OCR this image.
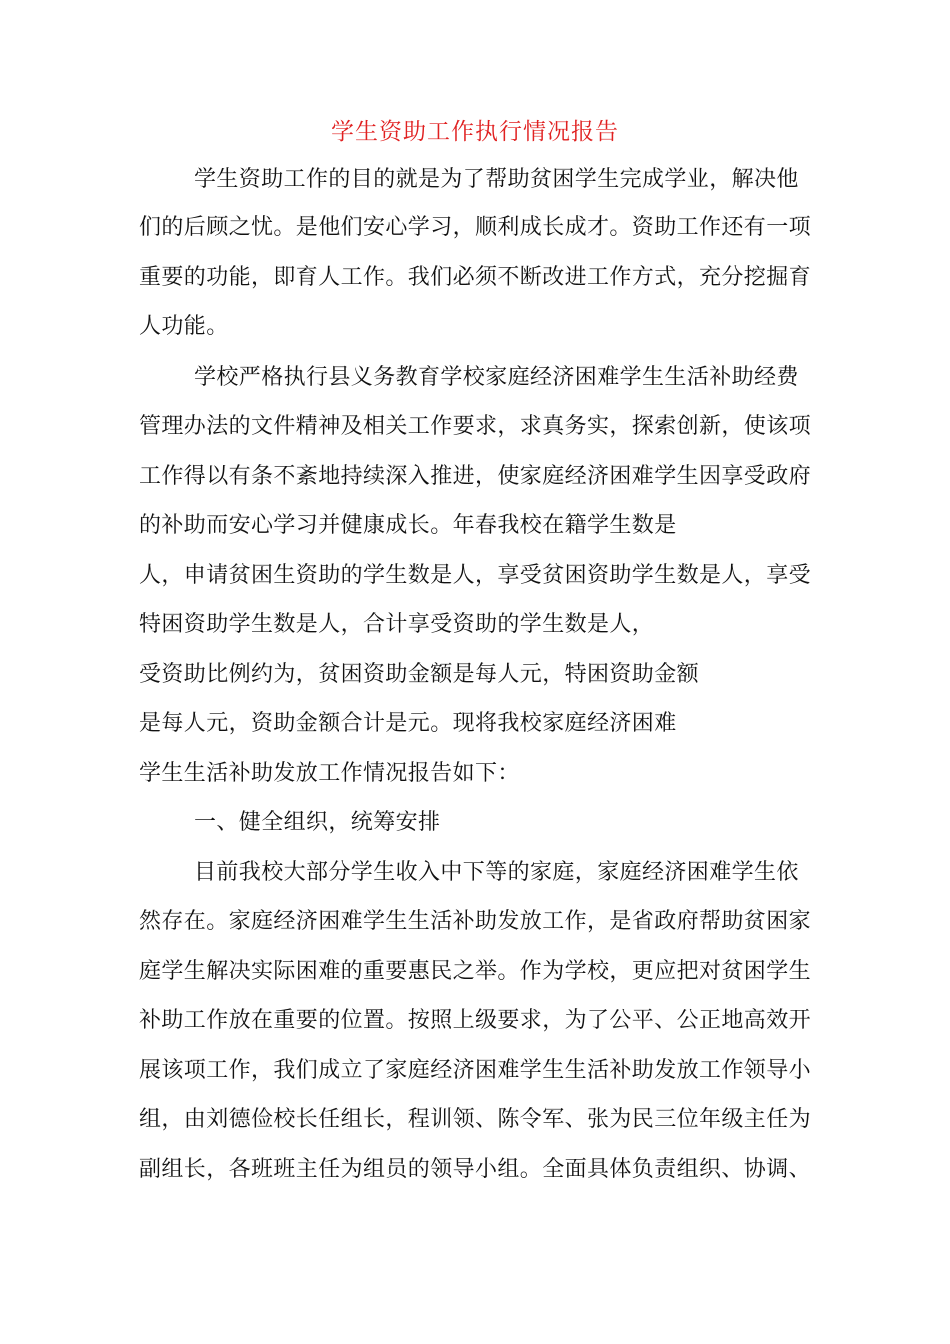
学生资助工作执行情况报告
学生资助工作的目的就是为了帮助贫困学生完成学业，解决他
们的后顾之忧。是他们安心学习，顺利成长成才。资助工作还有一项
重要的功能，即育人工作。我们必须不断改进工作方式，充分挖掘育
人功能。
学校严格执行县义务教育学校家庭经济困难学生生活补助经费
管理办法的文件精神及相关工作要求，求真务实，探索创新，使该项
工作得以有条不紊地持续深入推进，使家庭经济困难学生因享受政府
的补助而安心学习并健康成长。年春我校在籍学生数是
人，申请贫困生资助的学生数是人，享受贫困资助学生数是人，享受
特困资助学生数是人，合计享受资助的学生数是人，
受资助比例约为，贫困资助金额是每人元，特困资助金额
是每人元，资助金额合计是元。现将我校家庭经济困难
学生生活补助发放工作情况报告如下：
一、健全组织，统筹安排
目前我校大部分学生收入中下等的家庭，家庭经济困难学生依
然存在。家庭经济困难学生生活补助发放工作，是省政府帮助贫困家
庭学生解决实际困难的重要惠民之举。作为学校，更应把对贫困学生
补助工作放在重要的位置。按照上级要求，为了公平、公正地高效开
展该项工作，我们成立了家庭经济困难学生生活补助发放工作领导小
组，由刘德俭校长任组长，程训领、陈令军、张为民三位年级主任为
副组长，各班班主任为组员的领导小组。全面具体负责组织、协调、
